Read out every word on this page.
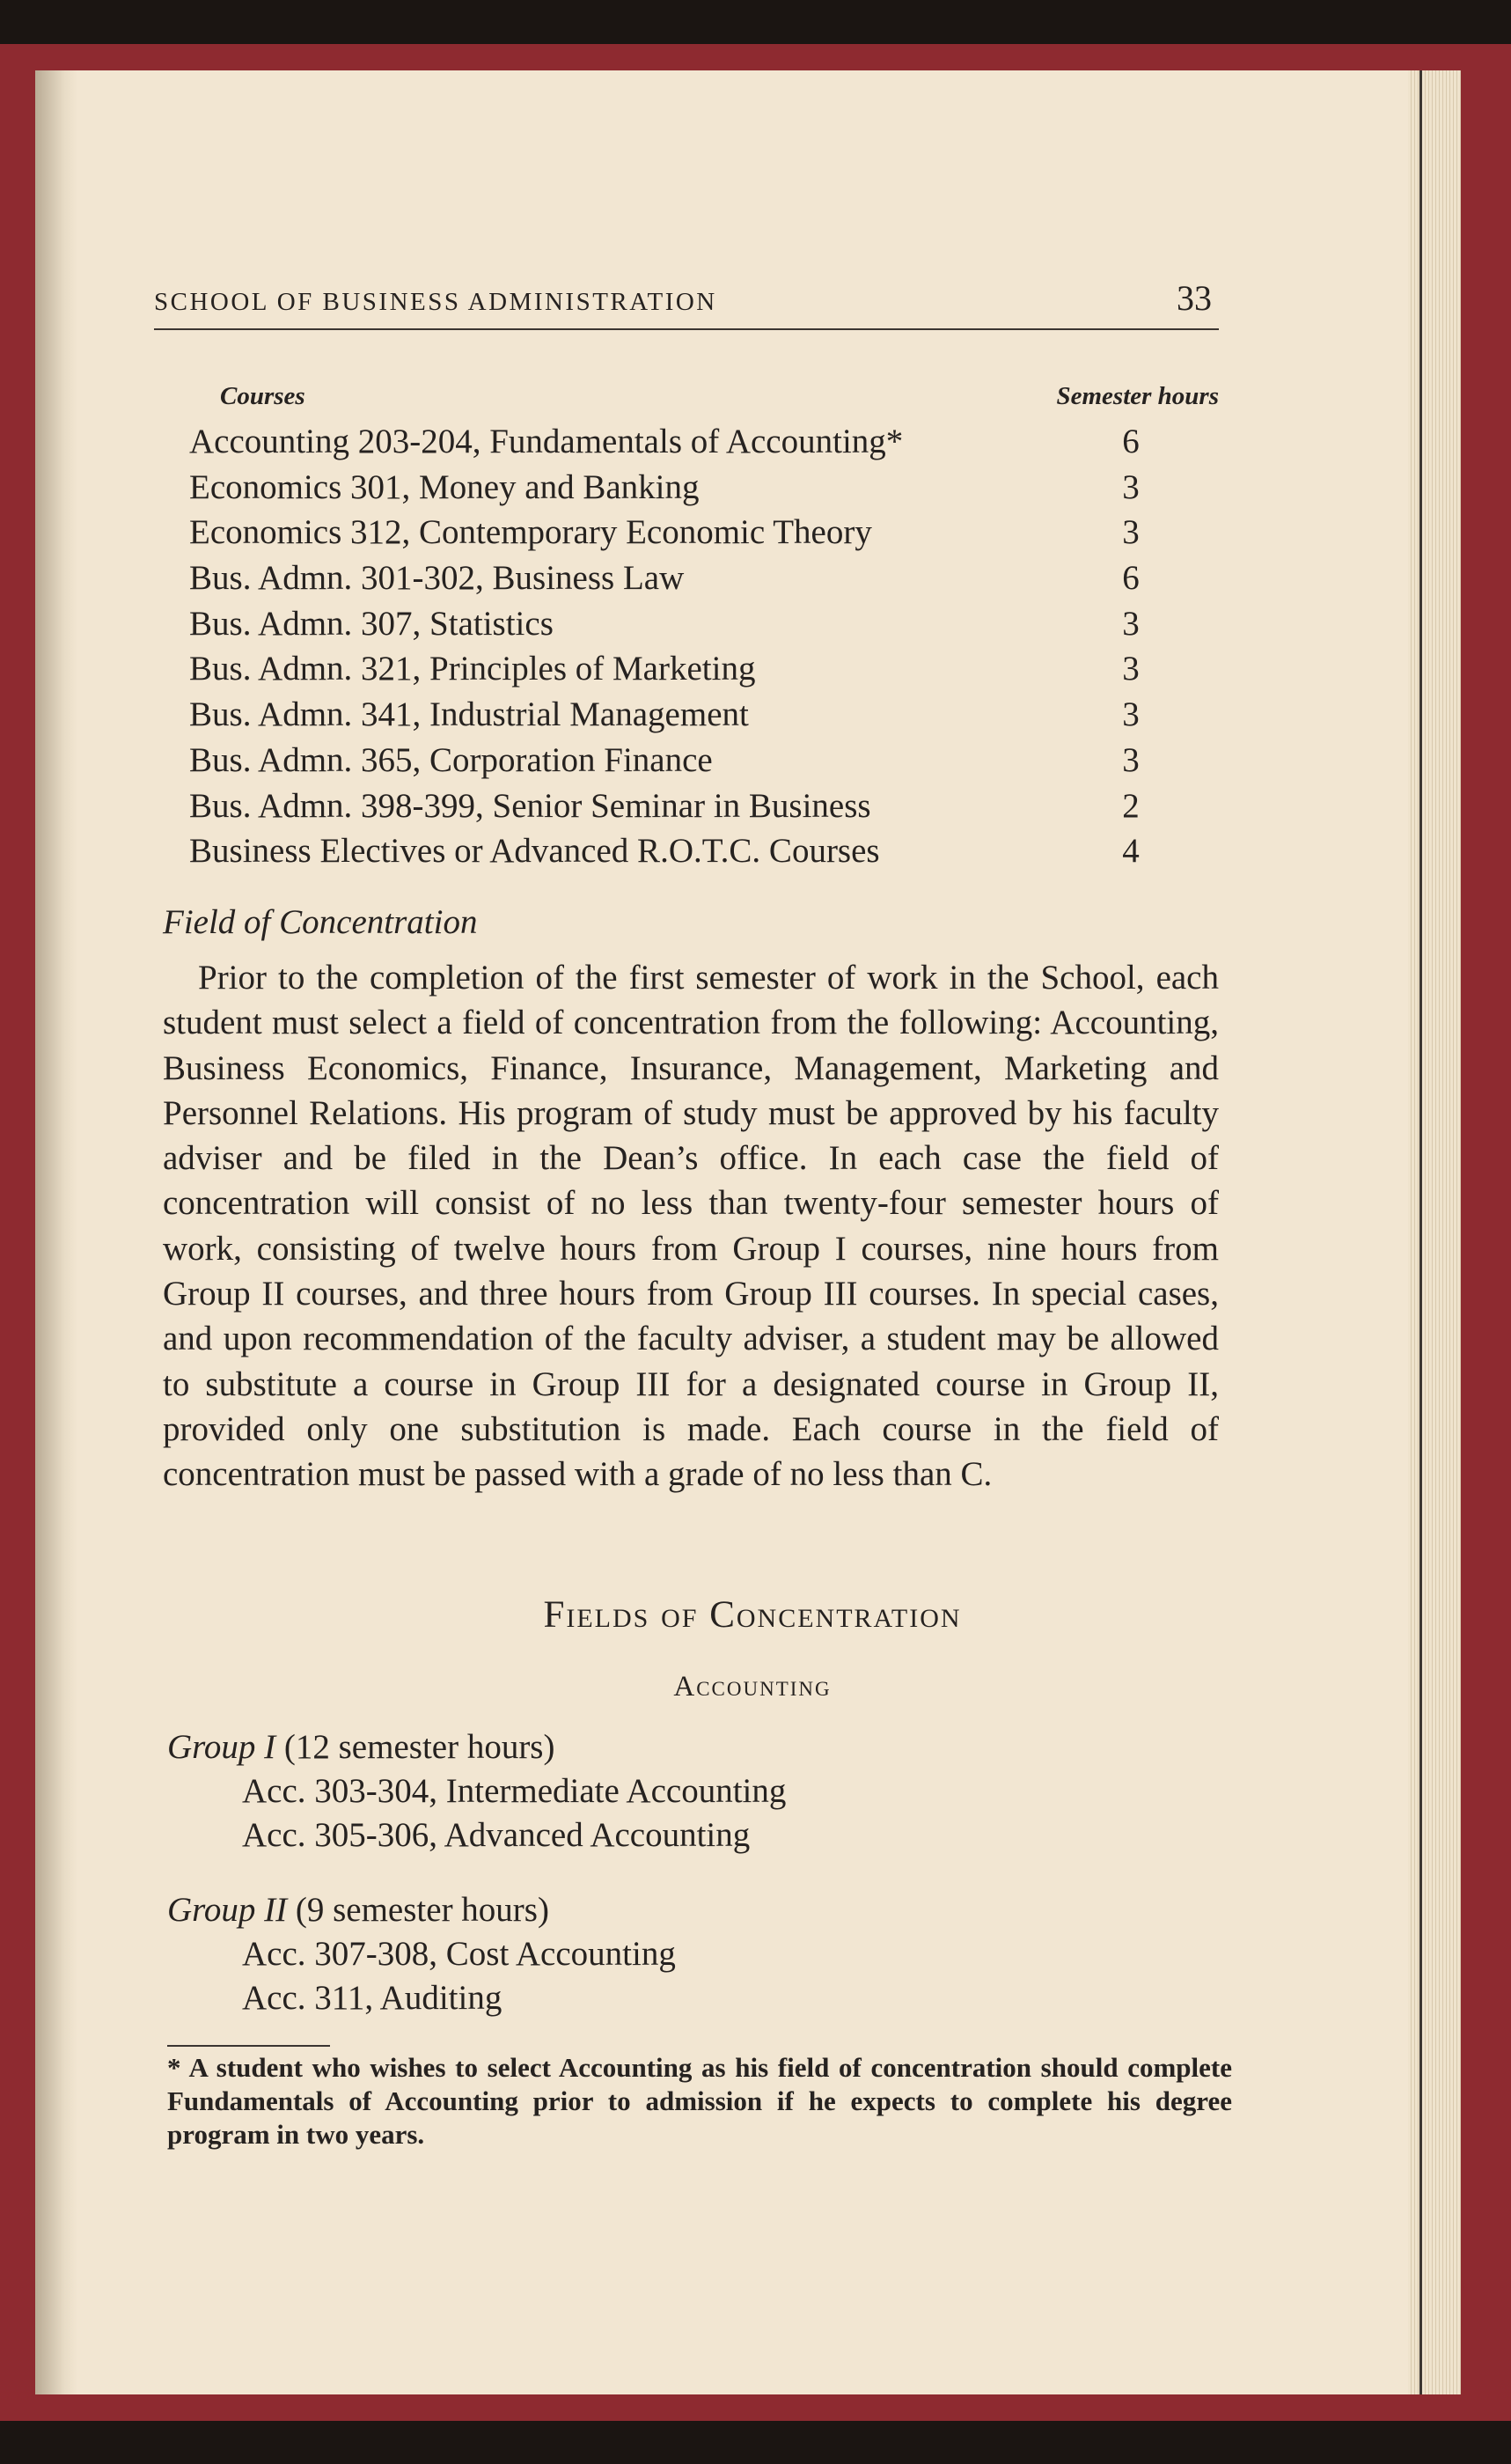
SCHOOL OF BUSINESS ADMINISTRATION	33
Courses	Semester hours
Accounting 203-204, Fundamentals of Accounting*	6
Economics 301, Money and Banking	3
Economics 312, Contemporary Economic Theory	3
Bus. Admn. 301-302, Business Law	6
Bus. Admn. 307, Statistics	3
Bus. Admn. 321, Principles of Marketing	3
Bus. Admn. 341, Industrial Management	3
Bus. Admn. 365, Corporation Finance	3
Bus. Admn. 398-399, Senior Seminar in Business	2
Business Electives or Advanced R.O.T.C. Courses	4
Field of Concentration

Prior to the completion of the first semester of work in the School, each student must select a field of concentration from the following: Accounting, Business Economics, Finance, Insurance, Management, Marketing and Personnel Relations. His program of study must be approved by his faculty adviser and be filed in the Dean’s office. In each case the field of concentration will consist of no less than twenty-four semester hours of work, consisting of twelve hours from Group I courses, nine hours from Group II courses, and three hours from Group III courses. In special cases, and upon recommendation of the faculty adviser, a student may be allowed to substitute a course in Group III for a designated course in Group II, provided only one substitution is made. Each course in the field of concentration must be passed with a grade of no less than C.

Fields of Concentration
Accounting
Group I (12 semester hours)
Acc. 303-304, Intermediate Accounting
Acc. 305-306, Advanced Accounting
Group II (9 semester hours)
Acc. 307-308, Cost Accounting
Acc. 311, Auditing

* A student who wishes to select Accounting as his field of concentration should complete Fundamentals of Accounting prior to admission if he expects to complete his degree program in two years.
